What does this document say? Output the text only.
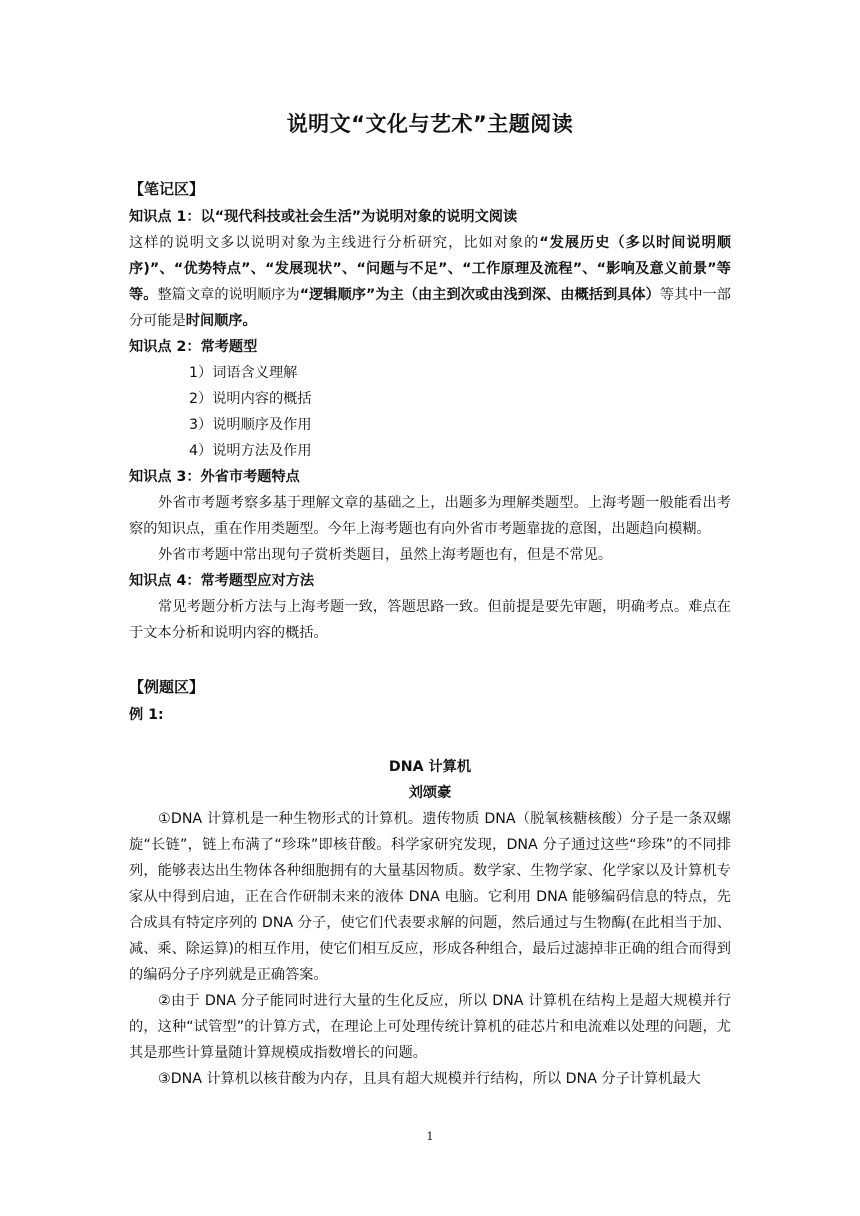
说明文“文化与艺术”主题阅读

【笔记区】

知识点 1：以“现代科技或社会生活”为说明对象的说明文阅读

这样的说明文多以说明对象为主线进行分析研究，比如对象的“发展历史（多以时间说明顺序)”、“优势特点”、“发展现状”、“问题与不足”、“工作原理及流程”、“影响及意义前景”等等。整篇文章的说明顺序为“逻辑顺序”为主（由主到次或由浅到深、由概括到具体）等其中一部分可能是时间顺序。

知识点 2：常考题型

1）词语含义理解

2）说明内容的概括

3）说明顺序及作用

4）说明方法及作用

知识点 3：外省市考题特点

外省市考题考察多基于理解文章的基础之上，出题多为理解类题型。上海考题一般能看出考察的知识点，重在作用类题型。今年上海考题也有向外省市考题靠拢的意图，出题趋向模糊。

外省市考题中常出现句子赏析类题目，虽然上海考题也有，但是不常见。

知识点 4：常考题型应对方法

常见考题分析方法与上海考题一致，答题思路一致。但前提是要先审题，明确考点。难点在于文本分析和说明内容的概括。

【例题区】

例 1:

DNA 计算机

刘颂豪

①DNA 计算机是一种生物形式的计算机。遗传物质 DNA（脱氧核糖核酸）分子是一条双螺旋“长链”，链上布满了“珍珠”即核苷酸。科学家研究发现，DNA 分子通过这些“珍珠”的不同排列，能够表达出生物体各种细胞拥有的大量基因物质。数学家、生物学家、化学家以及计算机专家从中得到启迪，正在合作研制未来的液体 DNA 电脑。它利用 DNA 能够编码信息的特点，先合成具有特定序列的 DNA 分子，使它们代表要求解的问题，然后通过与生物酶(在此相当于加、减、乘、除运算)的相互作用，使它们相互反应，形成各种组合，最后过滤掉非正确的组合而得到的编码分子序列就是正确答案。

②由于 DNA 分子能同时进行大量的生化反应，所以 DNA 计算机在结构上是超大规模并行的，这种“试管型”的计算方式，在理论上可处理传统计算机的硅芯片和电流难以处理的问题，尤其是那些计算量随计算规模成指数增长的问题。

③DNA 计算机以核苷酸为内存，且具有超大规模并行结构，所以 DNA 分子计算机最大

1
